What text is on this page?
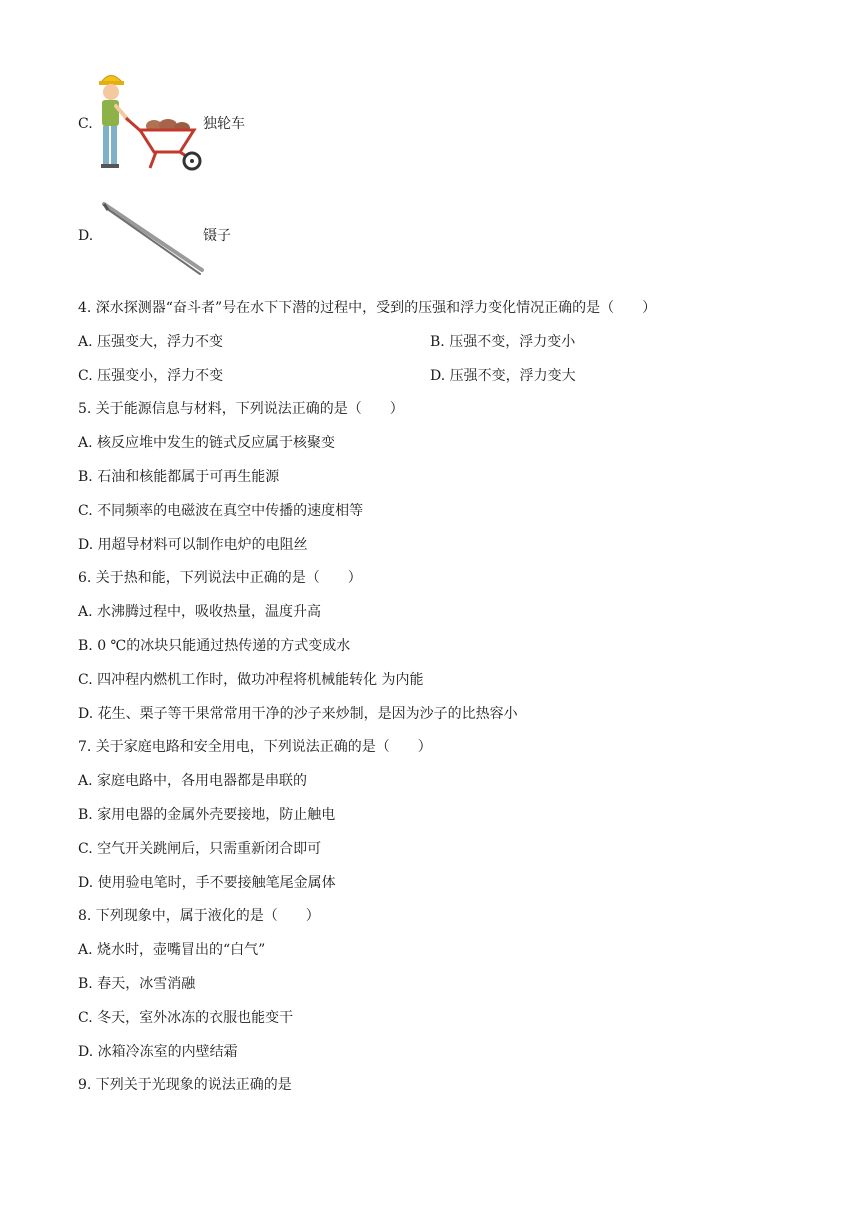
C.	独轮车
D.	镊子
4. 深水探测器“奋斗者”号在水下下潜的过程中，受到的压强和浮力变化情况正确的是（　　）
A. 压强变大，浮力不变	B. 压强不变，浮力变小
C. 压强变小，浮力不变	D. 压强不变，浮力变大
5. 关于能源信息与材料，下列说法正确的是（　　）
A. 核反应堆中发生的链式反应属于核聚变
B. 石油和核能都属于可再生能源
C. 不同频率的电磁波在真空中传播的速度相等
D. 用超导材料可以制作电炉的电阻丝
6. 关于热和能，下列说法中正确的是（　　）
A. 水沸腾过程中，吸收热量，温度升高
B. 0 ℃的冰块只能通过热传递的方式变成水
C. 四冲程内燃机工作时，做功冲程将机械能转化 为内能
D. 花生、栗子等干果常常用干净的沙子来炒制，是因为沙子的比热容小
7. 关于家庭电路和安全用电，下列说法正确的是（　　）
A. 家庭电路中，各用电器都是串联的
B. 家用电器的金属外壳要接地，防止触电
C. 空气开关跳闸后，只需重新闭合即可
D. 使用验电笔时，手不要接触笔尾金属体
8. 下列现象中，属于液化的是（　　）
A. 烧水时，壶嘴冒出的“白气”
B. 春天，冰雪消融
C. 冬天，室外冰冻的衣服也能变干
D. 冰箱冷冻室的内壁结霜
9. 下列关于光现象的说法正确的是
